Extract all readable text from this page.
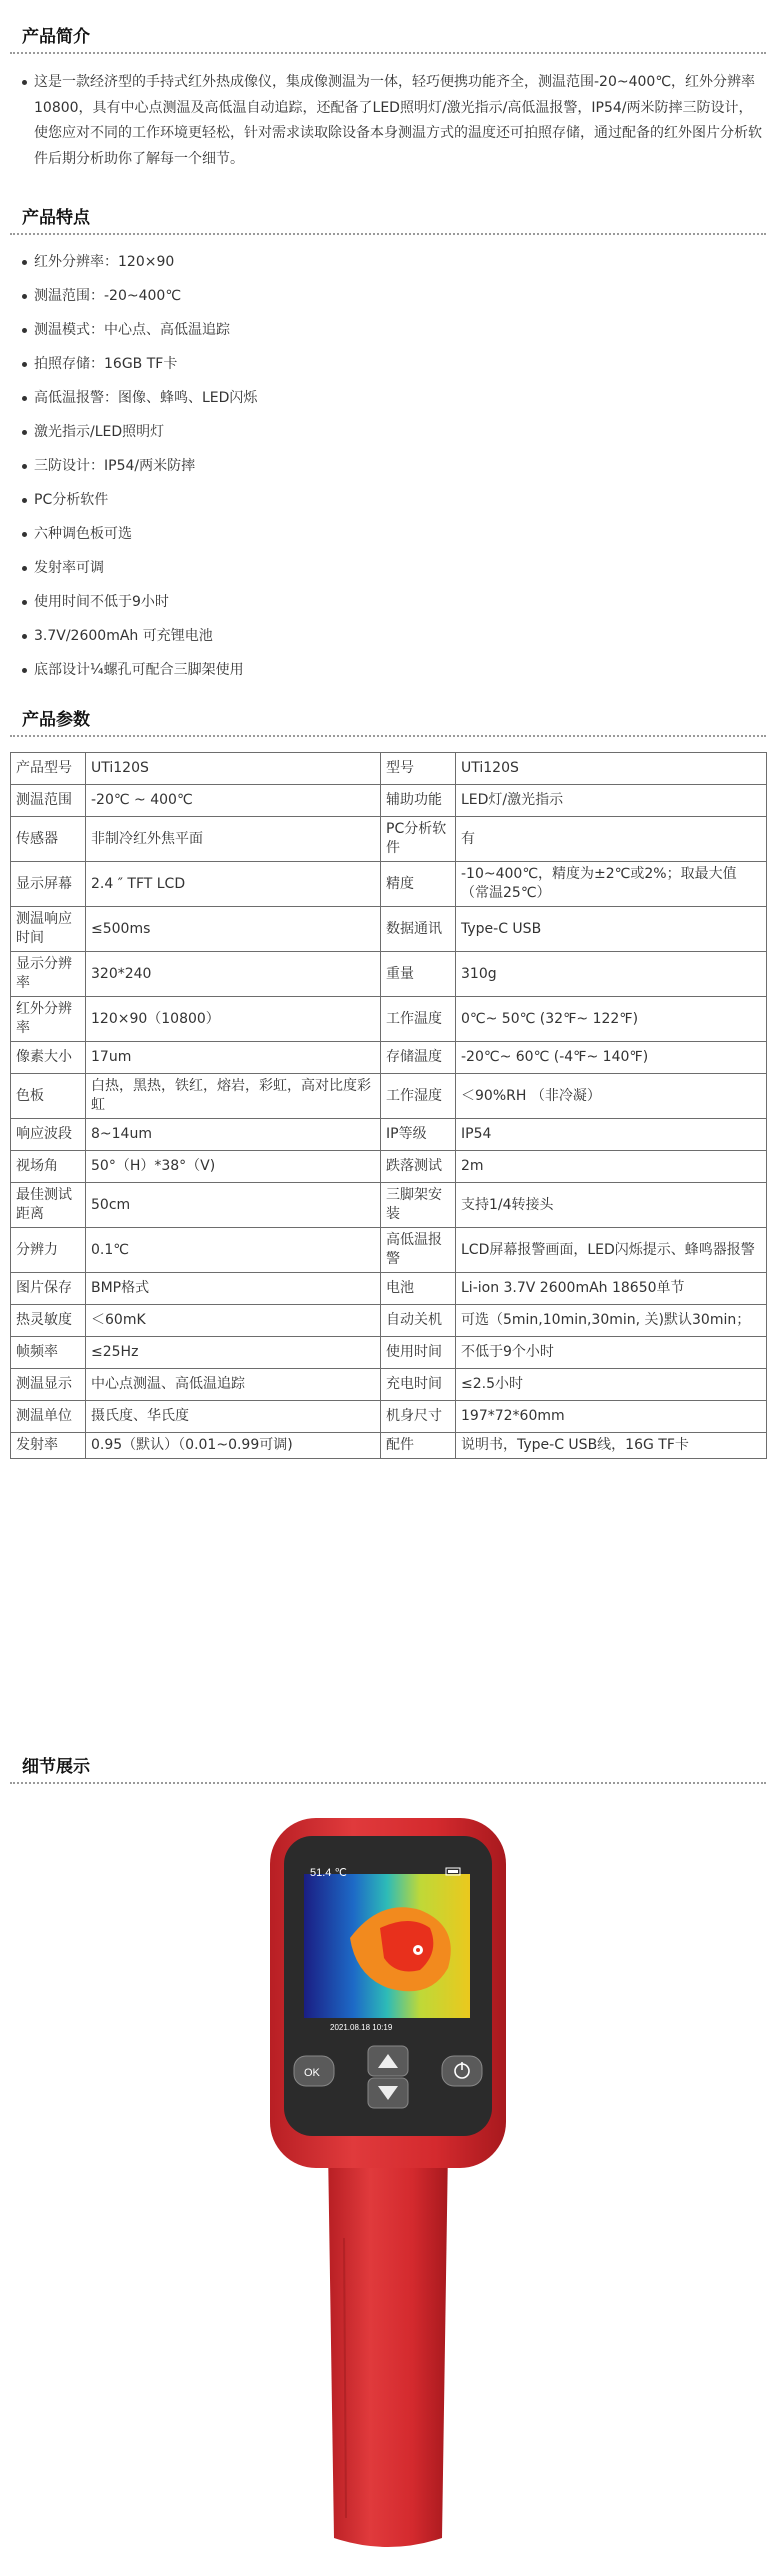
产品简介
这是一款经济型的手持式红外热成像仪，集成像测温为一体，轻巧便携功能齐全，测温范围-20~400℃，红外分辨率10800，具有中心点测温及高低温自动追踪，还配备了LED照明灯/激光指示/高低温报警，IP54/两米防摔三防设计，使您应对不同的工作环境更轻松，针对需求读取除设备本身测温方式的温度还可拍照存储，通过配备的红外图片分析软件后期分析助你了解每一个细节。
产品特点
红外分辨率：120×90
测温范围：-20~400℃
测温模式：中心点、高低温追踪
拍照存储：16GB TF卡
高低温报警：图像、蜂鸣、LED闪烁
激光指示/LED照明灯
三防设计：IP54/两米防摔
PC分析软件
六种调色板可选
发射率可调
使用时间不低于9小时
3.7V/2600mAh 可充锂电池
底部设计¼螺孔可配合三脚架使用
产品参数
产品型号	UTi120S	型号	UTi120S
测温范围	-20℃ ~ 400℃	辅助功能	LED灯/激光指示
传感器	非制冷红外焦平面	PC分析软件	有
显示屏幕	2.4 ″ TFT LCD	精度	-10~400℃，精度为±2℃或2%；取最大值（常温25℃）
测温响应时间	≤500ms	数据通讯	Type-C USB
显示分辨率	320*240	重量	310g
红外分辨率	120×90（10800）	工作温度	0℃~ 50℃ (32℉~ 122℉)
像素大小	17um	存储温度	-20℃~ 60℃ (-4℉~ 140℉)
色板	白热，黑热，铁红，熔岩，彩虹，高对比度彩虹	工作湿度	＜90%RH （非冷凝）
响应波段	8~14um	IP等级	IP54
视场角	50°（H）*38°（V)	跌落测试	2m
最佳测试距离	50cm	三脚架安装	支持1/4转接头
分辨力	0.1℃	高低温报警	LCD屏幕报警画面，LED闪烁提示、蜂鸣器报警
图片保存	BMP格式	电池	Li-ion 3.7V 2600mAh 18650单节
热灵敏度	＜60mK	自动关机	可选（5min,10min,30min, 关)默认30min；
帧频率	≤25Hz	使用时间	不低于9个小时
测温显示	中心点测温、高低温追踪	充电时间	≤2.5小时
测温单位	摄氏度、华氏度	机身尺寸	197*72*60mm
发射率	0.95（默认）（0.01~0.99可调)	配件	说明书，Type-C USB线，16G TF卡
细节展示
51.4 ℃
2021.08.18 10:19
OK
